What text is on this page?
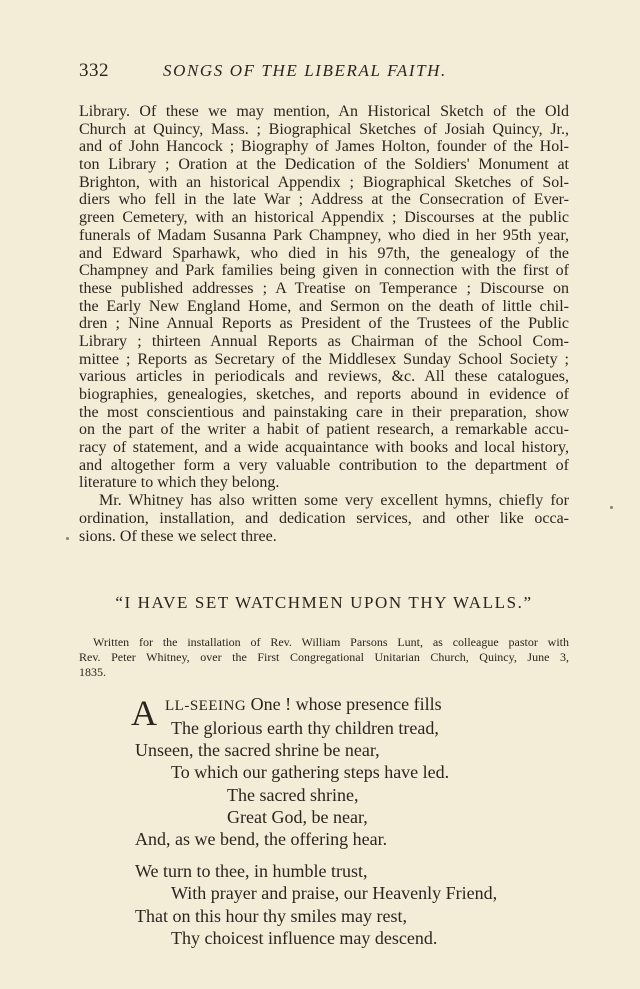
332	SONGS OF THE LIBERAL FAITH.
Library. Of these we may mention, An Historical Sketch of the Old
Church at Quincy, Mass. ; Biographical Sketches of Josiah Quincy, Jr.,
and of John Hancock ; Biography of James Holton, founder of the Hol-
ton Library ; Oration at the Dedication of the Soldiers' Monument at
Brighton, with an historical Appendix ; Biographical Sketches of Sol-
diers who fell in the late War ; Address at the Consecration of Ever-
green Cemetery, with an historical Appendix ; Discourses at the public
funerals of Madam Susanna Park Champney, who died in her 95th year,
and Edward Sparhawk, who died in his 97th, the genealogy of the
Champney and Park families being given in connection with the first of
these published addresses ; A Treatise on Temperance ; Discourse on
the Early New England Home, and Sermon on the death of little chil-
dren ; Nine Annual Reports as President of the Trustees of the Public
Library ; thirteen Annual Reports as Chairman of the School Com-
mittee ; Reports as Secretary of the Middlesex Sunday School Society ;
various articles in periodicals and reviews, &c. All these catalogues,
biographies, genealogies, sketches, and reports abound in evidence of
the most conscientious and painstaking care in their preparation, show
on the part of the writer a habit of patient research, a remarkable accu-
racy of statement, and a wide acquaintance with books and local history,
and altogether form a very valuable contribution to the department of
literature to which they belong.
Mr. Whitney has also written some very excellent hymns, chiefly for
ordination, installation, and dedication services, and other like occa-
sions. Of these we select three.
“I HAVE SET WATCHMEN UPON THY WALLS.”
Written for the installation of Rev. William Parsons Lunt, as colleague pastor with
Rev. Peter Whitney, over the First Congregational Unitarian Church, Quincy, June 3,
1835.
A LL-SEEING One ! whose presence fills
The glorious earth thy children tread,
Unseen, the sacred shrine be near,
To which our gathering steps have led.
The sacred shrine,
Great God, be near,
And, as we bend, the offering hear.
We turn to thee, in humble trust,
With prayer and praise, our Heavenly Friend,
That on this hour thy smiles may rest,
Thy choicest influence may descend.
